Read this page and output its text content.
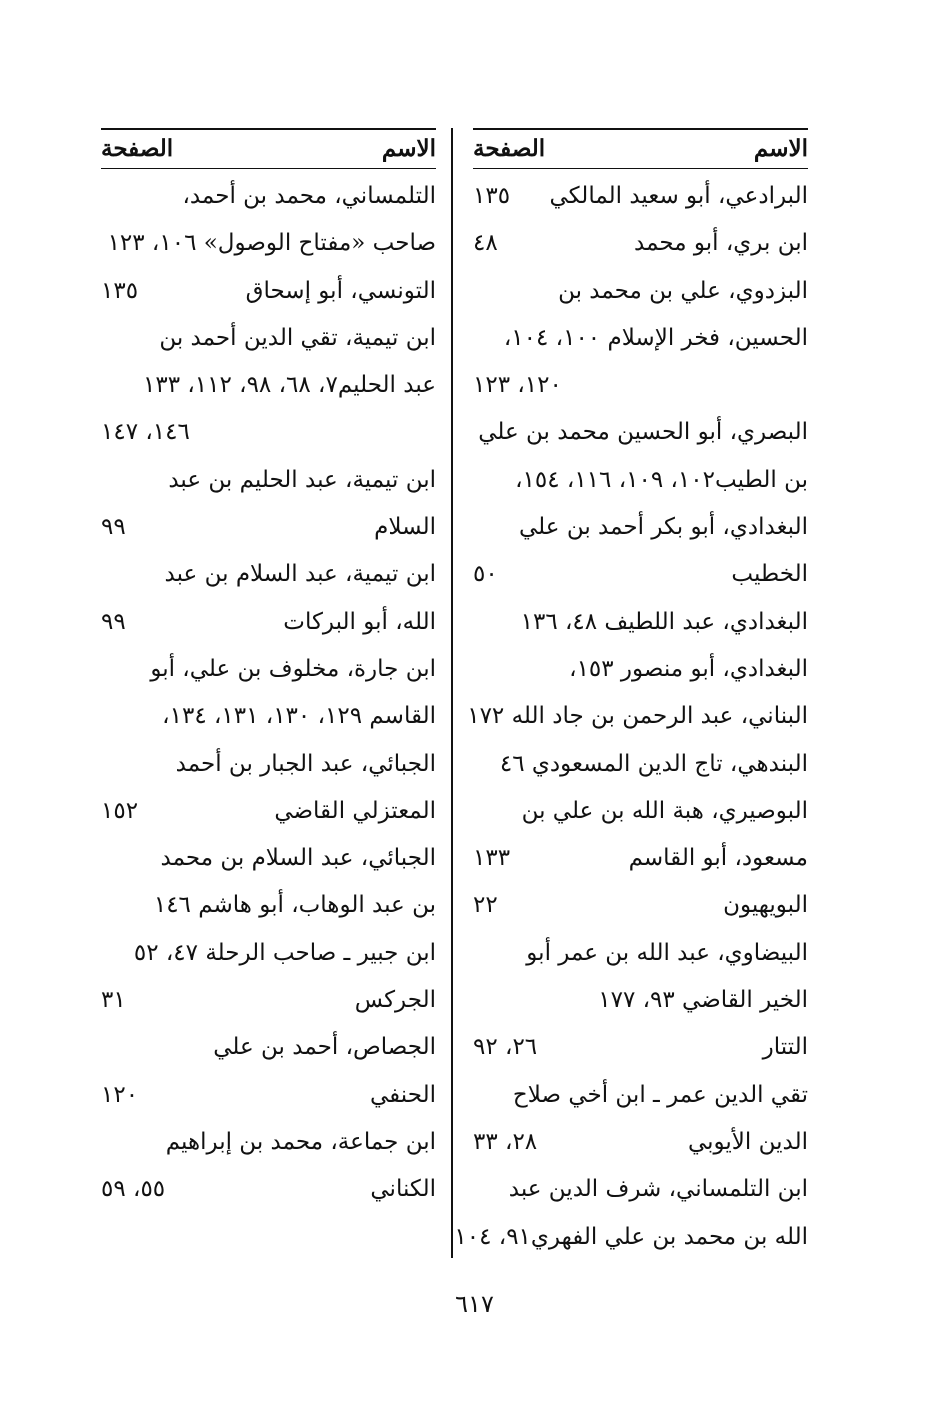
الاسم
الصفحة
البرادعي، أبو سعيد المالكي
١٣٥
ابن بري، أبو محمد
٤٨
البزدوي، علي بن محمد بن
الحسين، فخر الإسلام ١٠٠، ١٠٤،
١٢٠، ١٢٣
البصري، أبو الحسين محمد بن علي
بن الطيب١٠٢، ١٠٩، ١١٦، ١٥٤،
البغدادي، أبو بكر أحمد بن علي
الخطيب
٥٠
البغدادي، عبد اللطيف ٤٨، ١٣٦
البغدادي، أبو منصور ١٥٣،
البناني، عبد الرحمن بن جاد الله ١٧٢
البندهي، تاج الدين المسعودي ٤٦
البوصيري، هبة الله بن علي بن
مسعود، أبو القاسم
١٣٣
البويهيون
٢٢
البيضاوي، عبد الله بن عمر أبو
الخير القاضي ٩٣، ١٧٧
التتار
٢٦، ٩٢
تقي الدين عمر ـ ابن أخي صلاح
الدين الأيوبي
٢٨، ٣٣
ابن التلمساني، شرف الدين عبد
الله بن محمد بن علي الفهري٩١، ١٠٤
الاسم
الصفحة
التلمساني، محمد بن أحمد،
صاحب «مفتاح الوصول» ١٠٦، ١٢٣
التونسي، أبو إسحاق
١٣٥
ابن تيمية، تقي الدين أحمد بن
عبد الحليم٧، ٦٨، ٩٨، ١١٢، ١٣٣
١٤٦، ١٤٧
ابن تيمية، عبد الحليم بن عبد
السلام
٩٩
ابن تيمية، عبد السلام بن عبد
الله، أبو البركات
٩٩
ابن جارة، مخلوف بن علي، أبو
القاسم ١٢٩، ١٣٠، ١٣١، ١٣٤،
الجبائي، عبد الجبار بن أحمد
المعتزلي القاضي
١٥٢
الجبائي، عبد السلام بن محمد
بن عبد الوهاب، أبو هاشم ١٤٦
ابن جبير ـ صاحب الرحلة ٤٧، ٥٢
الجركس
٣١
الجصاص، أحمد بن علي
الحنفي
١٢٠
ابن جماعة، محمد بن إبراهيم
الكناني
٥٥، ٥٩
٦١٧
